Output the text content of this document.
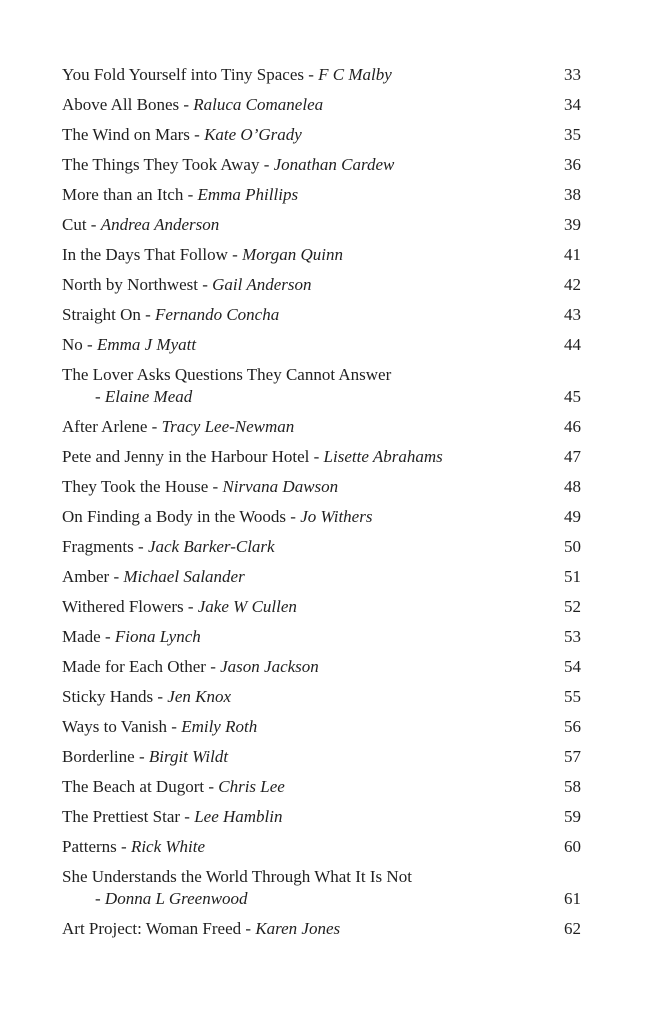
You Fold Yourself into Tiny Spaces - F C Malby	33
Above All Bones - Raluca Comanelea	34
The Wind on Mars - Kate O’Grady	35
The Things They Took Away - Jonathan Cardew	36
More than an Itch - Emma Phillips	38
Cut - Andrea Anderson	39
In the Days That Follow - Morgan Quinn	41
North by Northwest - Gail Anderson	42
Straight On - Fernando Concha	43
No - Emma J Myatt	44
The Lover Asks Questions They Cannot Answer
- Elaine Mead	45
After Arlene - Tracy Lee-Newman	46
Pete and Jenny in the Harbour Hotel - Lisette Abrahams	47
They Took the House - Nirvana Dawson	48
On Finding a Body in the Woods - Jo Withers	49
Fragments - Jack Barker-Clark	50
Amber - Michael Salander	51
Withered Flowers - Jake W Cullen	52
Made - Fiona Lynch	53
Made for Each Other - Jason Jackson	54
Sticky Hands - Jen Knox	55
Ways to Vanish - Emily Roth	56
Borderline - Birgit Wildt	57
The Beach at Dugort - Chris Lee	58
The Prettiest Star - Lee Hamblin	59
Patterns - Rick White	60
She Understands the World Through What It Is Not
- Donna L Greenwood	61
Art Project: Woman Freed - Karen Jones	62
